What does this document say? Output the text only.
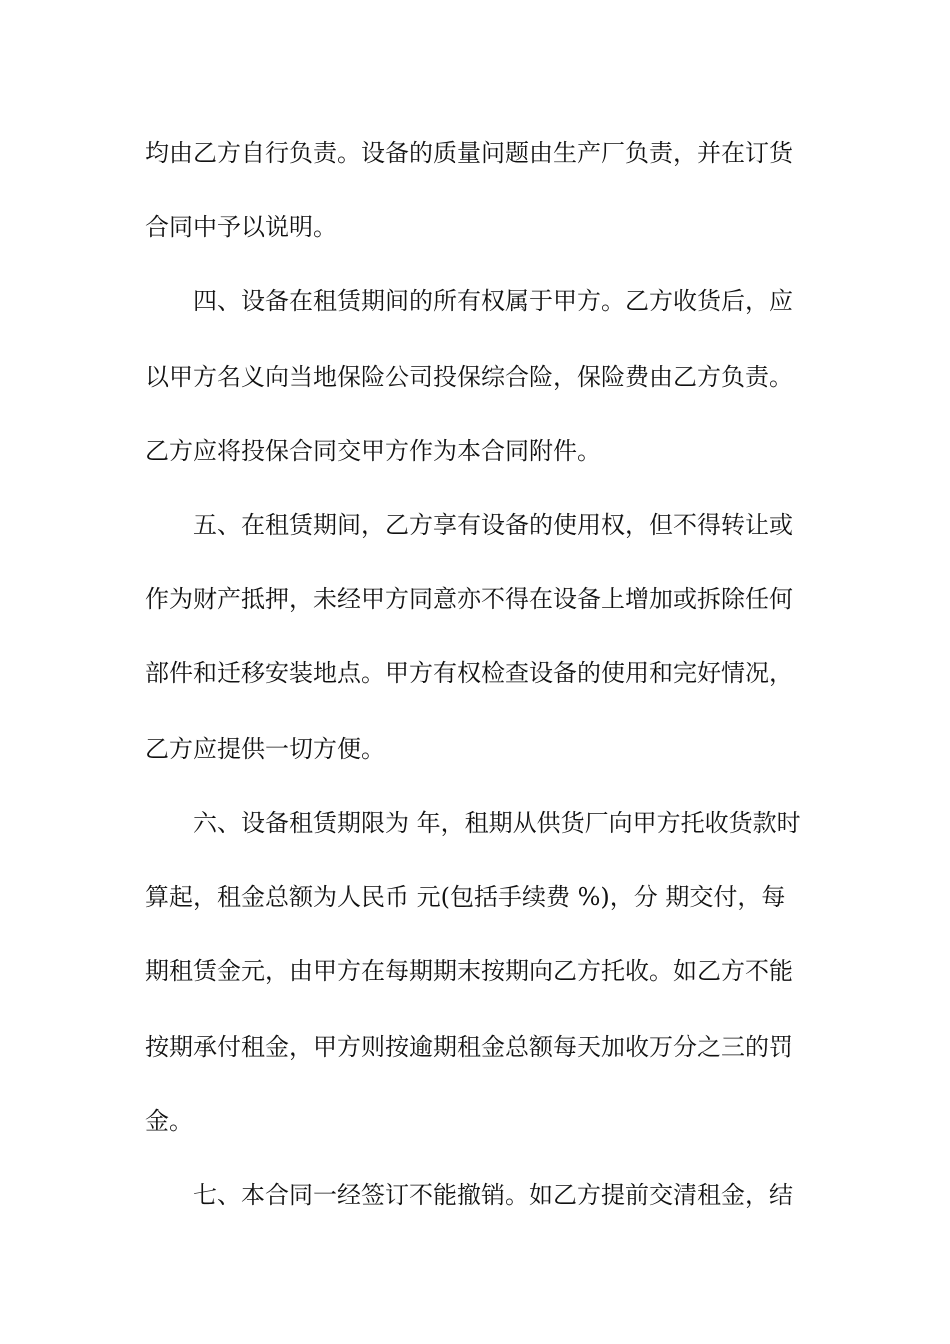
均由乙方自行负责。设备的质量问题由生产厂负责，并在订货
合同中予以说明。
　　四、设备在租赁期间的所有权属于甲方。乙方收货后，应
以甲方名义向当地保险公司投保综合险，保险费由乙方负责。
乙方应将投保合同交甲方作为本合同附件。
　　五、在租赁期间，乙方享有设备的使用权，但不得转让或
作为财产抵押，未经甲方同意亦不得在设备上增加或拆除任何
部件和迁移安装地点。甲方有权检查设备的使用和完好情况，
乙方应提供一切方便。
　　六、设备租赁期限为 年，租期从供货厂向甲方托收货款时
算起，租金总额为人民币 元(包括手续费 %)，分 期交付，每
期租赁金元，由甲方在每期期末按期向乙方托收。如乙方不能
按期承付租金，甲方则按逾期租金总额每天加收万分之三的罚
金。
　　七、本合同一经签订不能撤销。如乙方提前交清租金，结
